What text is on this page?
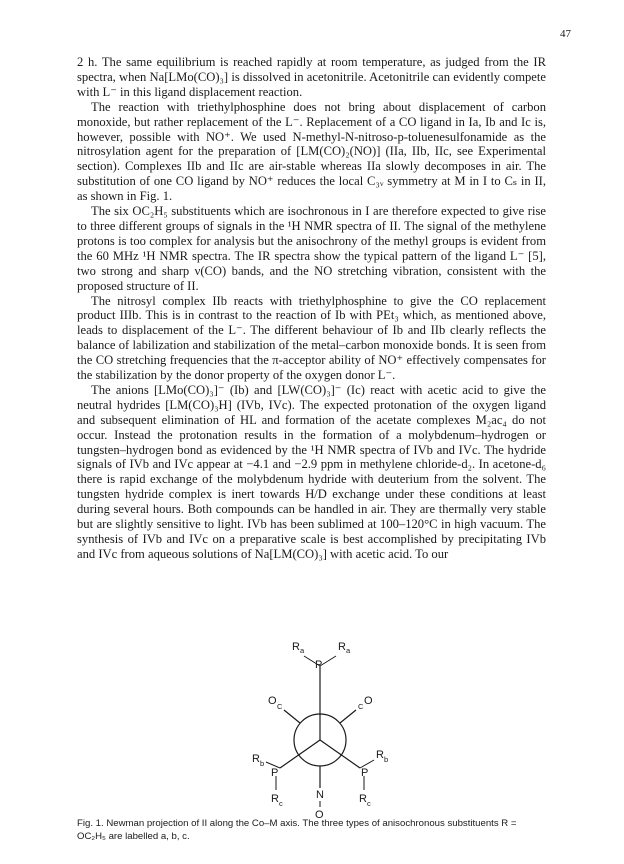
47

2 h. The same equilibrium is reached rapidly at room temperature, as judged from the IR spectra, when Na[LMo(CO)₃] is dissolved in acetonitrile. Acetonitrile can evidently compete with L⁻ in this ligand displacement reaction.

The reaction with triethylphosphine does not bring about displacement of carbon monoxide, but rather replacement of the L⁻. Replacement of a CO ligand in Ia, Ib and Ic is, however, possible with NO⁺. We used N-methyl-N-nitroso-p-toluenesulfonamide as the nitrosylation agent for the preparation of [LM(CO)₂(NO)] (IIa, IIb, IIc, see Experimental section). Complexes IIb and IIc are air-stable whereas IIa slowly decomposes in air. The substitution of one CO ligand by NO⁺ reduces the local C₃ᵥ symmetry at M in I to Cₛ in II, as shown in Fig. 1.

The six OC₂H₅ substituents which are isochronous in I are therefore expected to give rise to three different groups of signals in the ¹H NMR spectra of II. The signal of the methylene protons is too complex for analysis but the anisochrony of the methyl groups is evident from the 60 MHz ¹H NMR spectra. The IR spectra show the typical pattern of the ligand L⁻ [5], two strong and sharp ν(CO) bands, and the NO stretching vibration, consistent with the proposed structure of II.

The nitrosyl complex IIb reacts with triethylphosphine to give the CO replacement product IIIb. This is in contrast to the reaction of Ib with PEt₃ which, as mentioned above, leads to displacement of the L⁻. The different behaviour of Ib and IIb clearly reflects the balance of labilization and stabilization of the metal–carbon monoxide bonds. It is seen from the CO stretching frequencies that the π-acceptor ability of NO⁺ effectively compensates for the stabilization by the donor property of the oxygen donor L⁻.

The anions [LMo(CO)₃]⁻ (Ib) and [LW(CO)₃]⁻ (Ic) react with acetic acid to give the neutral hydrides [LM(CO)₃H] (IVb, IVc). The expected protonation of the oxygen ligand and subsequent elimination of HL and formation of the acetate complexes M₂ac₄ do not occur. Instead the protonation results in the formation of a molybdenum–hydrogen or tungsten–hydrogen bond as evidenced by the ¹H NMR spectra of IVb and IVc. The hydride signals of IVb and IVc appear at −4.1 and −2.9 ppm in methylene chloride-d₂. In acetone-d₆ there is rapid exchange of the molybdenum hydride with deuterium from the solvent. The tungsten hydride complex is inert towards H/D exchange under these conditions at least during several hours. Both compounds can be handled in air. They are thermally very stable but are slightly sensitive to light. IVb has been sublimed at 100–120°C in high vacuum. The synthesis of IVb and IVc on a preparative scale is best accomplished by precipitating IVb and IVc from aqueous solutions of Na[LM(CO)₃] with acetic acid. To our

R a	R a
P
O C	C O
R b
P	P
R b
R c	R c
N
O
Fig. 1. Newman projection of II along the Co–M axis. The three types of anisochronous substituents R = OC₂H₅ are labelled a, b, c.
